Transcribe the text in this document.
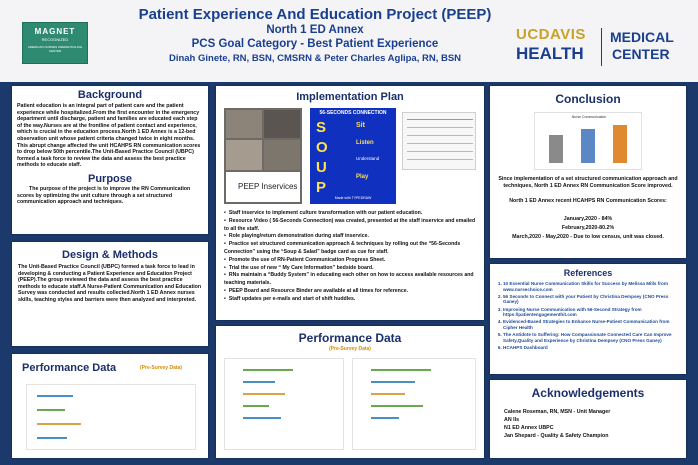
MAGNET
RECOGNIZED
AMERICAN NURSES CREDENTIALING CENTER
Patient Experience And Education Project (PEEP)
North 1 ED Annex
PCS Goal Category - Best Patient Experience
Dinah Ginete, RN, BSN, CMSRN & Peter Charles Aglipa, RN, BSN
UCDAVIS
HEALTH
MEDICAL
CENTER
Background
Patient education is an integral part of patient care and the patient experience while hospitalized.From the first encounter in the emergency department until discharge, patient and families are educated each step of the way.Nurses are at the frontline of patient contact and experience, which is crucial in the education process.North 1 ED Annex is a 12-bed observation unit whose patient criteria changed twice in eight months. This abrupt change affected the unit HCAHPS RN communication scores to drop below 50th percentile.The Unit-Based Practice Council (UBPC) formed a task force to review the data and assess the best practice methods to educate staff.
Purpose
The purpose of the project is to improve the RN Communication scores by optimizing the unit culture through a set structured communication approach and techniques.
Design & Methods
The Unit-Based Practice Council (UBPC) formed a task force to lead in developing & conducting a Patient Experience and Education Project (PEEP).The group reviewed the data and assess the best practice methods to educate staff.A Nurse-Patient Communication and Education Survey was conducted and results collected.North 1 ED Annex nurses skills, teaching styles and barriers were then analyzed and interpreted.
Performance Data	(Pre-Survey Data)
Implementation Plan
PEEP Inservices
56-SECONDS CONNECTION
S
O
U
P
Sit
Listen
Understand
Play
Made with TYPEDRAW
• Staff inservice to implement culture transformation with our patient education.
• Resource Video ( 56-Seconds Connection) was created, presented at the staff inservice and emailed to all the staff.
• Role playing/return demonstration during staff inservice.
• Practice set structured communication approach & techniques by rolling out the “56-Seconds Connection” using the “Soup & Salad” badge card as cue for staff.
• Promote the use of RN-Patient Communication Progress Sheet.
• Trial the use of new “ My Care Information” bedside board.
• RNs maintain a “Buddy System” in educating each other on how to access available resources and teaching materials.
• PEEP Board and Resource Binder are available at all times for reference.
• Staff updates per e-mails and start of shift huddles.
Performance Data
(Pre-Survey Data)
Conclusion
Nurse Communication
Since implementation of a set structured communication approach and techniques, North 1 ED Annex RN Communication Score improved.
North 1 ED Annex recent HCAHPS RN Communication Scores:
January,2020 - 84%
February,2020-80.2%
March,2020 - May,2020 - Due to low census, unit was closed.
References
1. 10 Essential Nurse Communication Skills for Success by Melissa Mills from www.nursechoice.com
2. 56 Seconds to Connect with your Patient by Christina Dempsey (CNO Press Ganey)
3. Improving Nurse Communication with 56-Second Strategy from https://patientengagementhit.com
4. Evidenced-Based Strategies to Enhance Nurse-Patient Communication from Cipher Health
5. The Antidote to Suffering: How Compassionate Connected Care Can Improve Safety,Quality and Experience by Christina Dempsey (CNO Press Ganey)
6. HCAHPS Dashboard
Acknowledgements
Calene Roseman, RN, MSN - Unit Manager
AN IIs
N1 ED Annex UBPC
Jan Shepard - Quality & Safety Champion
